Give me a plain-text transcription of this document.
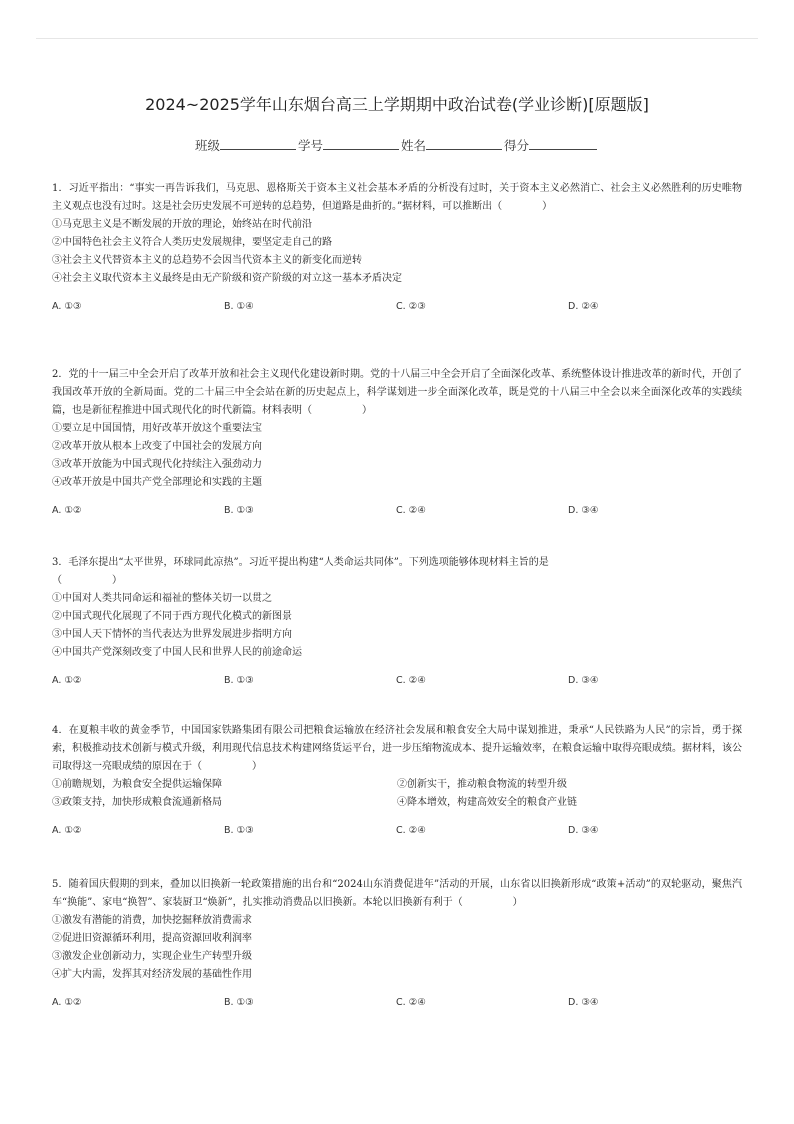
2024~2025学年山东烟台高三上学期期中政治试卷(学业诊断)[原题版]
班级	学号	姓名	得分

1．习近平指出：“事实一再告诉我们，马克思、恩格斯关于资本主义社会基本矛盾的分析没有过时，关于资本主义必然消亡、社会主义必然胜利的历史唯物主义观点也没有过时。这是社会历史发展不可逆转的总趋势，但道路是曲折的。”据材料，可以推断出（　　　　）

①马克思主义是不断发展的开放的理论，始终站在时代前沿

②中国特色社会主义符合人类历史发展规律，要坚定走自己的路

③社会主义代替资本主义的总趋势不会因当代资本主义的新变化而逆转

④社会主义取代资本主义最终是由无产阶级和资产阶级的对立这一基本矛盾决定

A. ①③	B. ①④	C. ②③	D. ②④

2．党的十一届三中全会开启了改革开放和社会主义现代化建设新时期。党的十八届三中全会开启了全面深化改革、系统整体设计推进改革的新时代，开创了我国改革开放的全新局面。党的二十届三中全会站在新的历史起点上，科学谋划进一步全面深化改革，既是党的十八届三中全会以来全面深化改革的实践续篇，也是新征程推进中国式现代化的时代新篇。材料表明（　　　　　）

①要立足中国国情，用好改革开放这个重要法宝

②改革开放从根本上改变了中国社会的发展方向

③改革开放能为中国式现代化持续注入强劲动力

④改革开放是中国共产党全部理论和实践的主题

A. ①②	B. ①③	C. ②④	D. ③④

3．毛泽东提出“太平世界，环球同此凉热”。习近平提出构建“人类命运共同体”。下列选项能够体现材料主旨的是
（　　　　　）

①中国对人类共同命运和福祉的整体关切一以贯之

②中国式现代化展现了不同于西方现代化模式的新图景

③中国人天下情怀的当代表达为世界发展进步指明方向

④中国共产党深刻改变了中国人民和世界人民的前途命运

A. ①②	B. ①③	C. ②④	D. ③④

4．在夏粮丰收的黄金季节，中国国家铁路集团有限公司把粮食运输放在经济社会发展和粮食安全大局中谋划推进，秉承“人民铁路为人民”的宗旨，勇于探索，积极推动技术创新与模式升级，利用现代信息技术构建网络货运平台，进一步压缩物流成本、提升运输效率，在粮食运输中取得亮眼成绩。据材料，该公司取得这一亮眼成绩的原因在于（　　　　　）

①前瞻规划，为粮食安全提供运输保障	②创新实干，推动粮食物流的转型升级
③政策支持，加快形成粮食流通新格局	④降本增效，构建高效安全的粮食产业链
A. ①②	B. ①③	C. ②④	D. ③④

5．随着国庆假期的到来，叠加以旧换新一轮政策措施的出台和“2024山东消费促进年”活动的开展，山东省以旧换新形成“政策+活动”的双轮驱动，聚焦汽车“换能”、家电“换智”、家装厨卫“焕新”，扎实推动消费品以旧换新。本轮以旧换新有利于（　　　　　）

①激发有潜能的消费，加快挖掘释放消费需求

②促进旧资源循环利用，提高资源回收利润率

③激发企业创新动力，实现企业生产转型升级

④扩大内需，发挥其对经济发展的基础性作用

A. ①②	B. ①③	C. ②④	D. ③④
